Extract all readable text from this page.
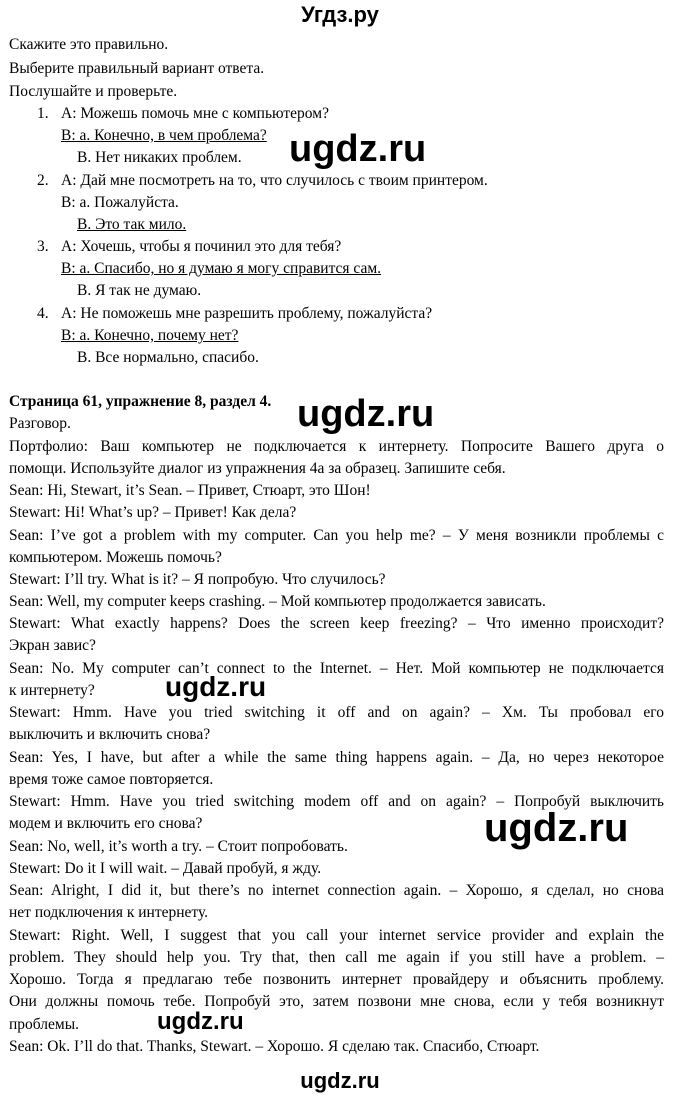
Угдз.ру
Скажите это правильно.
Выберите правильный вариант ответа.
Послушайте и проверьте.
1. A: Можешь помочь мне с компьютером?
B: a. Конечно, в чем проблема?
B. Нет никаких проблем.
2. A: Дай мне посмотреть на то, что случилось с твоим принтером.
B: a. Пожалуйста.
B. Это так мило.
3. A: Хочешь, чтобы я починил это для тебя?
B: a. Спасибо, но я думаю я могу справится сам.
B. Я так не думаю.
4. A: Не поможешь мне разрешить проблему, пожалуйста?
B: a. Конечно, почему нет?
B. Все нормально, спасибо.
Страница 61, упражнение 8, раздел 4.
Разговор.
Портфолио: Ваш компьютер не подключается к интернету. Попросите Вашего друга о
помощи. Используйте диалог из упражнения 4a за образец. Запишите себя.
Sean: Hi, Stewart, it’s Sean. – Привет, Стюарт, это Шон!
Stewart: Hi! What’s up? – Привет! Как дела?
Sean: I’ve got a problem with my computer. Can you help me? – У меня возникли проблемы с
компьютером. Можешь помочь?
Stewart: I’ll try. What is it? – Я попробую. Что случилось?
Sean: Well, my computer keeps crashing. – Мой компьютер продолжается зависать.
Stewart: What exactly happens? Does the screen keep freezing? – Что именно происходит?
Экран завис?
Sean: No. My computer can’t connect to the Internet. – Нет. Мой компьютер не подключается
к интернету?
Stewart: Hmm. Have you tried switching it off and on again? – Хм. Ты пробовал его
выключить и включить снова?
Sean: Yes, I have, but after a while the same thing happens again. – Да, но через некоторое
время тоже самое повторяется.
Stewart: Hmm. Have you tried switching modem off and on again? – Попробуй выключить
модем и включить его снова?
Sean: No, well, it’s worth a try. – Стоит попробовать.
Stewart: Do it I will wait. – Давай пробуй, я жду.
Sean: Alright, I did it, but there’s no internet connection again. – Хорошо, я сделал, но снова
нет подключения к интернету.
Stewart: Right. Well, I suggest that you call your internet service provider and explain the
problem. They should help you. Try that, then call me again if you still have a problem. –
Хорошо. Тогда я предлагаю тебе позвонить интернет провайдеру и объяснить проблему.
Они должны помочь тебе. Попробуй это, затем позвони мне снова, если у тебя возникнут
проблемы.
Sean: Ok. I’ll do that. Thanks, Stewart. – Хорошо. Я сделаю так. Спасибо, Стюарт.
ugdz.ru
ugdz.ru
ugdz.ru
ugdz.ru
ugdz.ru
ugdz.ru
